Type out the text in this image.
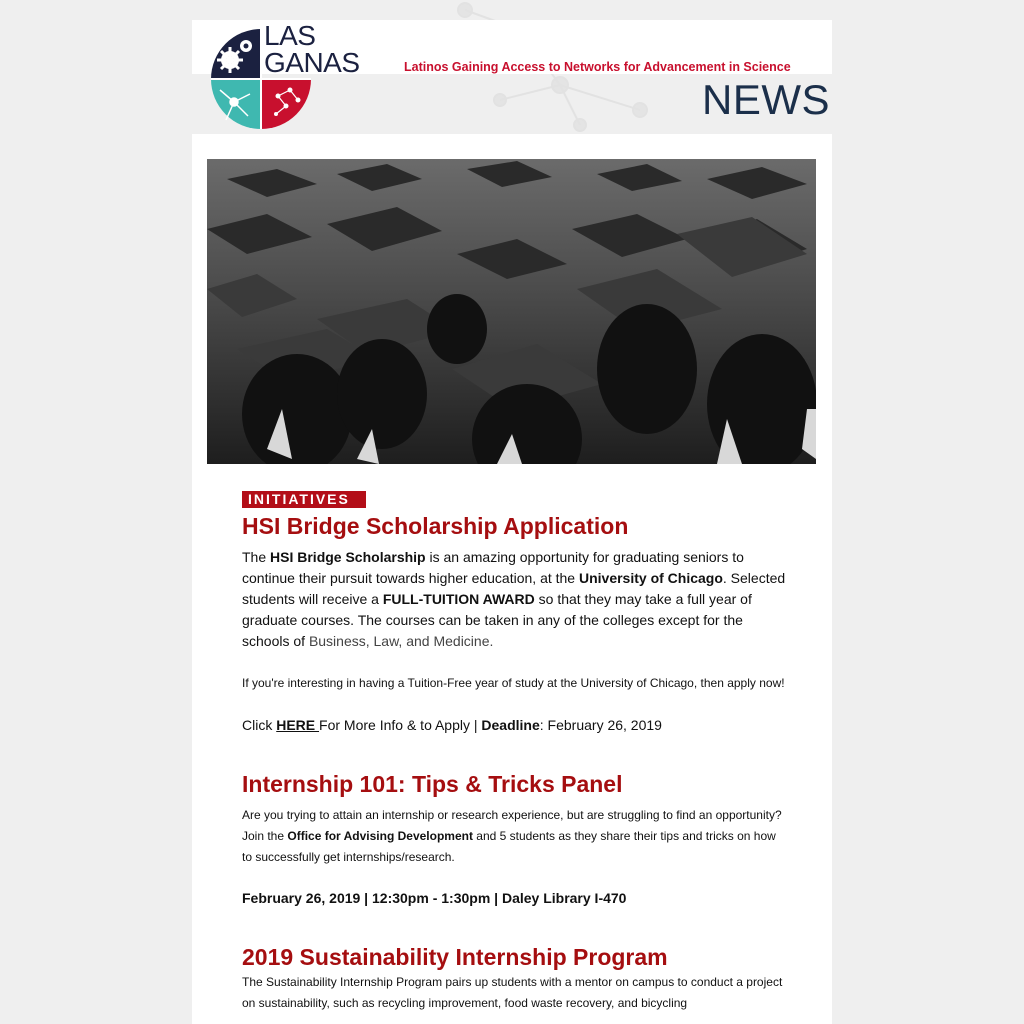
LAS
GANAS	Latinos Gaining Access to Networks for Advancement in Science
NEWS
INITIATIVES
HSI Bridge Scholarship Application

The HSI Bridge Scholarship is an amazing opportunity for graduating seniors to continue their pursuit towards higher education, at the University of Chicago. Selected students will receive a FULL-TUITION AWARD so that they may take a full year of graduate courses. The courses can be taken in any of the colleges except for the schools of Business, Law, and Medicine.

If you're interesting in having a Tuition-Free year of study at the University of Chicago, then apply now!

Click HERE For More Info & to Apply | Deadline: February 26, 2019

Internship 101: Tips & Tricks Panel

Are you trying to attain an internship or research experience, but are struggling to find an opportunity? Join the Office for Advising Development and 5 students as they share their tips and tricks on how to successfully get internships/research.

February 26, 2019 | 12:30pm - 1:30pm | Daley Library I-470

2019 Sustainability Internship Program

The Sustainability Internship Program pairs up students with a mentor on campus to conduct a project on sustainability, such as recycling improvement, food waste recovery, and bicycling
